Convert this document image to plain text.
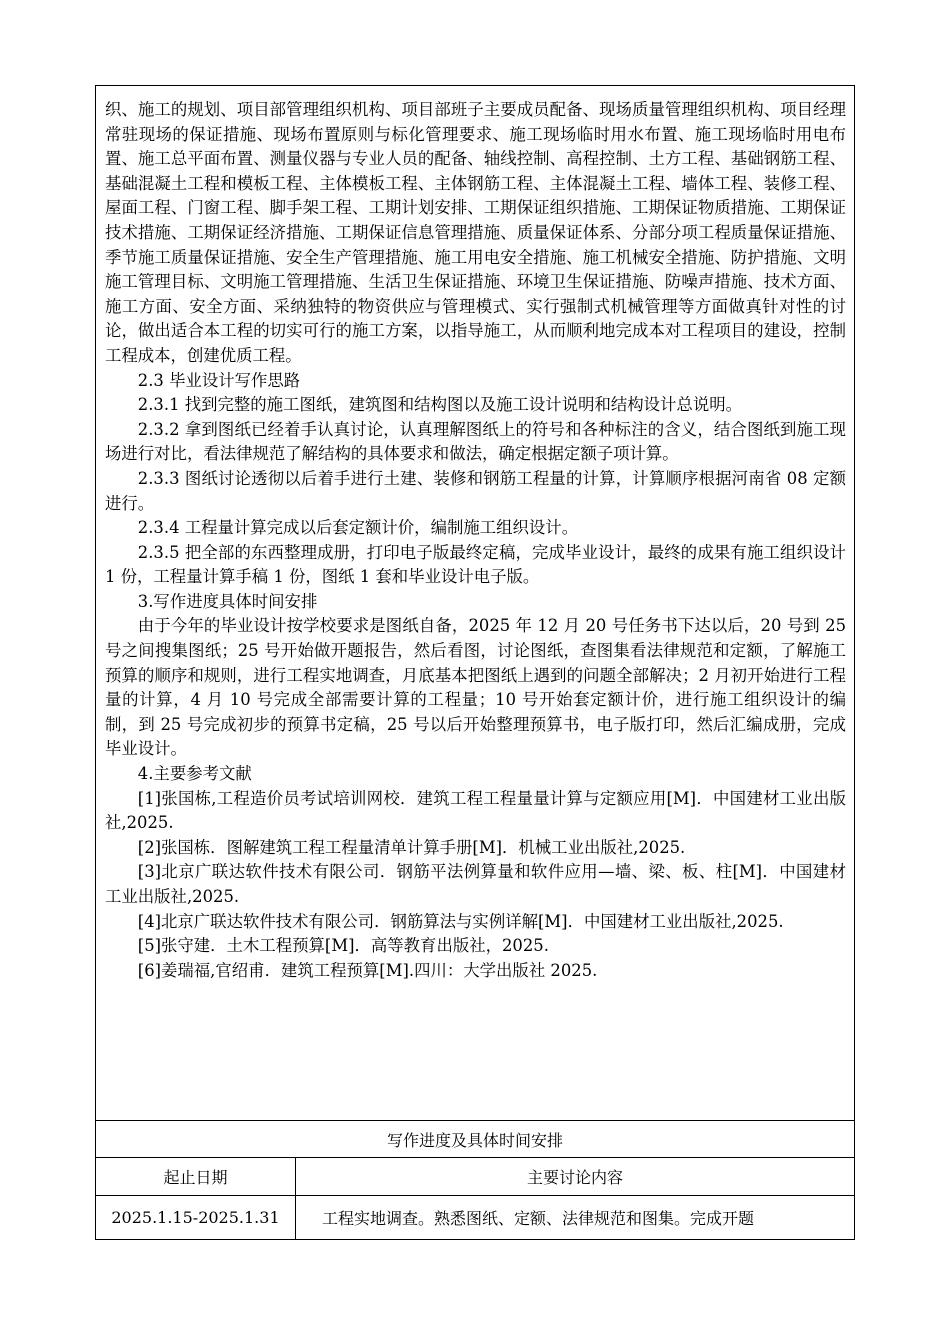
织、施工的规划、项目部管理组织机构、项目部班子主要成员配备、现场质量管理组织机构、项目经理常驻现场的保证措施、现场布置原则与标化管理要求、施工现场临时用水布置、施工现场临时用电布置、施工总平面布置、测量仪器与专业人员的配备、轴线控制、高程控制、土方工程、基础钢筋工程、基础混凝土工程和模板工程、主体模板工程、主体钢筋工程、主体混凝土工程、墙体工程、装修工程、屋面工程、门窗工程、脚手架工程、工期计划安排、工期保证组织措施、工期保证物质措施、工期保证技术措施、工期保证经济措施、工期保证信息管理措施、质量保证体系、分部分项工程质量保证措施、季节施工质量保证措施、安全生产管理措施、施工用电安全措施、施工机械安全措施、防护措施、文明施工管理目标、文明施工管理措施、生活卫生保证措施、环境卫生保证措施、防噪声措施、技术方面、施工方面、安全方面、采纳独特的物资供应与管理模式、实行强制式机械管理等方面做真针对性的讨论，做出适合本工程的切实可行的施工方案，以指导施工，从而顺利地完成本对工程项目的建设，控制工程成本，创建优质工程。

2.3 毕业设计写作思路

2.3.1 找到完整的施工图纸，建筑图和结构图以及施工设计说明和结构设计总说明。

2.3.2 拿到图纸已经着手认真讨论，认真理解图纸上的符号和各种标注的含义，结合图纸到施工现场进行对比，看法律规范了解结构的具体要求和做法，确定根据定额子项计算。

2.3.3 图纸讨论透彻以后着手进行土建、装修和钢筋工程量的计算，计算顺序根据河南省 08 定额进行。

2.3.4 工程量计算完成以后套定额计价，编制施工组织设计。

2.3.5 把全部的东西整理成册，打印电子版最终定稿，完成毕业设计，最终的成果有施工组织设计 1 份，工程量计算手稿 1 份，图纸 1 套和毕业设计电子版。

3.写作进度具体时间安排

由于今年的毕业设计按学校要求是图纸自备，2025 年 12 月 20 号任务书下达以后，20 号到 25 号之间搜集图纸；25 号开始做开题报告，然后看图，讨论图纸，查图集看法律规范和定额，了解施工预算的顺序和规则，进行工程实地调查，月底基本把图纸上遇到的问题全部解决；2 月初开始进行工程量的计算，4 月 10 号完成全部需要计算的工程量；10 号开始套定额计价，进行施工组织设计的编制，到 25 号完成初步的预算书定稿，25 号以后开始整理预算书，电子版打印，然后汇编成册，完成毕业设计。

4.主要参考文献

[1]张国栋,工程造价员考试培训网校．建筑工程工程量量计算与定额应用[M]．中国建材工业出版社,2025.

[2]张国栋．图解建筑工程工程量清单计算手册[M]．机械工业出版社,2025.

[3]北京广联达软件技术有限公司．钢筋平法例算量和软件应用—墙、梁、板、柱[M]．中国建材工业出版社,2025.

[4]北京广联达软件技术有限公司．钢筋算法与实例详解[M]．中国建材工业出版社,2025.

[5]张守建．土木工程预算[M]．高等教育出版社，2025.

[6]姜瑞福,官绍甫．建筑工程预算[M].四川：大学出版社 2025.

写作进度及具体时间安排
起止日期	主要讨论内容
2025.1.15-2025.1.31	工程实地调查。熟悉图纸、定额、法律规范和图集。完成开题
